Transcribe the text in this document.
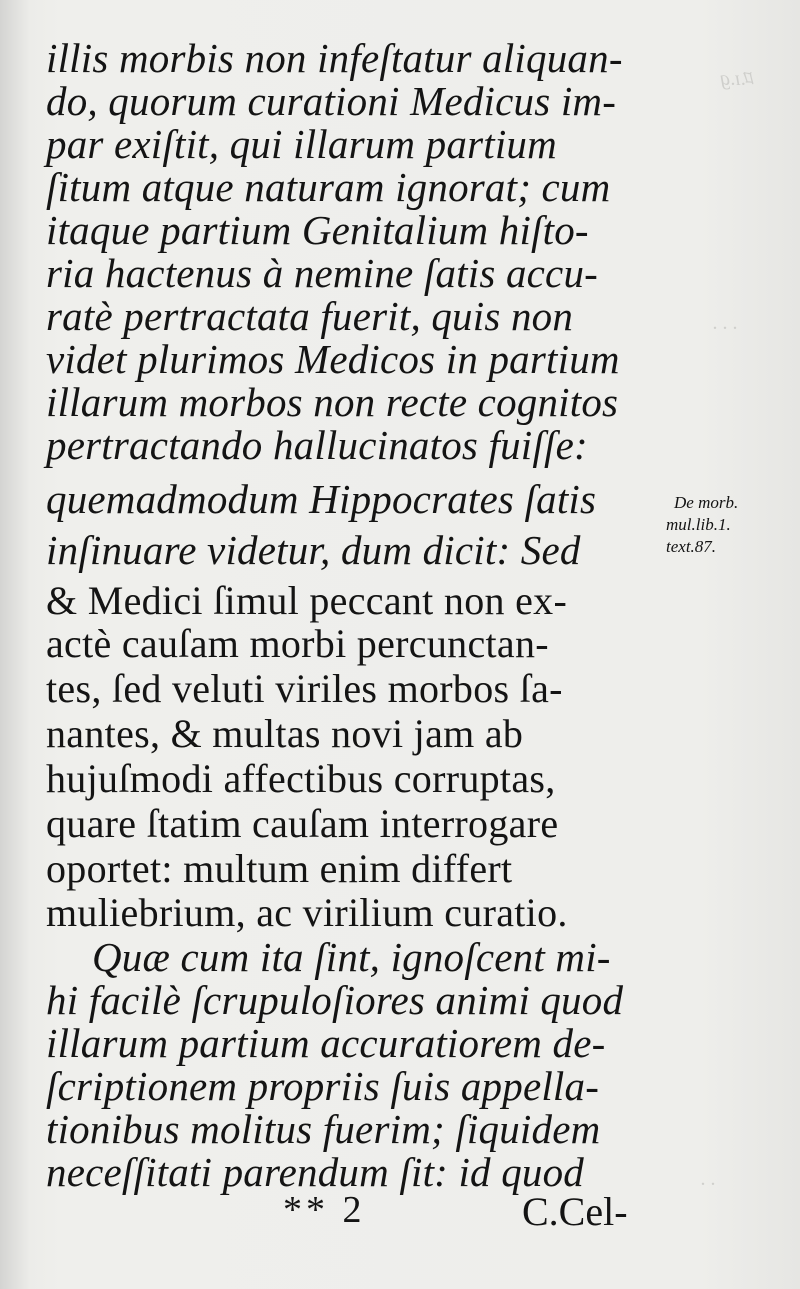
ﾛ.ɪ.g
. . .
. .
illis morbis non infeſtatur aliquan-
do, quorum curationi Medicus im-
par exiſtit, qui illarum partium
ſitum atque naturam ignorat; cum
itaque partium Genitalium hiſto-
ria hactenus à nemine ſatis accu-
ratè pertractata fuerit, quis non
videt plurimos Medicos in partium
illarum morbos non recte cognitos
pertractando hallucinatos fuiſſe:
quemadmodum Hippocrates ſatis
inſinuare videtur, dum dicit: Sed
& Medici ſimul peccant non ex-
actè cauſam morbi percunctan-
tes, ſed veluti viriles morbos ſa-
nantes, & multas novi jam ab
hujuſmodi affectibus corruptas,
quare ſtatim cauſam interrogare
oportet: multum enim differt
muliebrium, ac virilium curatio.
Quæ cum ita ſint, ignoſcent mi-
hi facilè ſcrupuloſiores animi quod
illarum partium accuratiorem de-
ſcriptionem propriis ſuis appella-
tionibus molitus fuerim; ſiquidem
neceſſitati parendum ſit: id quod
De morb.
mul.lib.1.
text.87.
** 2	C.Cel-
